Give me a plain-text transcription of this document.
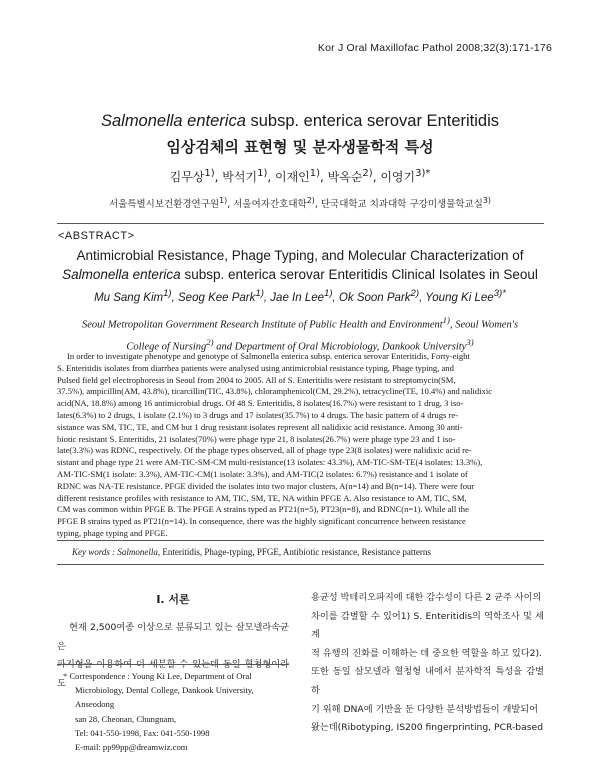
Kor J Oral Maxillofac Pathol 2008;32(3):171-176
Salmonella enterica subsp. enterica serovar Enteritidis
임상검체의 표현형 및 분자생물학적 특성
김무상$^{1)}$, 박석기$^{1)}$, 이재인$^{1)}$, 박옥순$^{2)}$, 이영기$^{3)*}$
서울특별시보건환경연구원$^{1)}$, 서울여자간호대학$^{2)}$, 단국대학교 치과대학 구강미생물학교실$^{3)}$
<ABSTRACT>
Antimicrobial Resistance, Phage Typing, and Molecular Characterization of
Salmonella enterica subsp. enterica serovar Enteritidis Clinical Isolates in Seoul
Mu Sang Kim$^{1)}$, Seog Kee Park$^{1)}$, Jae In Lee$^{1)}$, Ok Soon Park$^{2)}$, Young Ki Lee$^{3)*}$
Seoul Metropolitan Government Research Institute of Public Health and Environment$^{1)}$, Seoul Women's
College of Nursing$^{2)}$ and Department of Oral Microbiology, Dankook University$^{3)}$
In order to investigate phenotype and genotype of Salmonella enterica subsp. enterica serovar Enteritidis, Forty-eight
S. Enteritidis isolates from diarrhea patients were analysed using antimicrobial resistance typing, Phage typing, and
Pulsed field gel electrophoresis in Seoul from 2004 to 2005. All of S. Enteritidis were resistant to streptomycin(SM,
37.5%), ampicillin(AM, 43.8%), ticarcillin(TIC, 43.8%), chloramphenicol(CM, 29.2%), tetracycline(TE, 10.4%) and nalidixic
acid(NA, 18.8%) among 16 antimicrobial drugs. Of 48 S. Enteritidis, 8 isolates(16.7%) were resistant to 1 drug, 3 iso-
lates(6.3%) to 2 drugs, 1 isolate (2.1%) to 3 drugs and 17 isolates(35.7%) to 4 drugs. The basic pattern of 4 drugs re-
sistance was SM, TIC, TE, and CM but 1 drug resistant isolates represent all nalidixic acid resistance. Among 30 anti-
biotic resistant S. Enteritidis, 21 isolates(70%) were phage type 21, 8 isolates(26.7%) were phage type 23 and 1 iso-
late(3.3%) was RDNC, respectively. Of the phage types observed, all of phage type 23(8 isolates) were nalidixic acid re-
sistant and phage type 21 were AM-TIC-SM-CM multi-resistance(13 isolates: 43.3%), AM-TIC-SM-TE(4 isolates: 13.3%),
AM-TIC-SM(1 isolate: 3.3%), AM-TIC-CM(1 isolate: 3.3%), and AM-TIC(2 isolates: 6.7%) resistance and 1 isolate of
RDNC was NA-TE resistance. PFGE divided the isolates into two major clusters, A(n=14) and B(n=14). There were four
different resistance profiles with resistance to AM, TIC, SM, TE, NA within PFGE A. Also resistance to AM, TIC, SM,
CM was common within PFGE B. The PFGE A strains typed as PT21(n=5), PT23(n=8), and RDNC(n=1). While all the
PFGE B strains typed as PT21(n=14). In consequence, there was the highly significant concurrence between resistance
typing, phage typing and PFGE.
Key words : Salmonella, Enteritidis, Phage-typing, PFGE, Antibiotic resistance, Resistance patterns
Ⅰ. 서론
현재 2,500여종 이상으로 분류되고 있는 살모넬라속균은
파지형을 이용하여 더 세분할 수 있는데 동일 혈청형이라도
용균성 박테리오파지에 대한 감수성이 다른 2 균주 사이의
차이를 감별할 수 있어1) S. Enteritidis의 역학조사 및 세계
적 유행의 진화를 이해하는 데 중요한 역할을 하고 있다2).
또한 동일 살모넬라 혈청형 내에서 분자학적 특성을 감별하
기 위해 DNA에 기반을 둔 다양한 분석방법들이 개발되어
왔는데(Ribotyping, IS200 fingerprinting, PCR-based
* Correspondence : Young Ki Lee, Department of Oral
Microbiology, Dental College, Dankook University, Anseodong
san 28, Cheonan, Chungnam,
Tel: 041-550-1998, Fax: 041-550-1998
E-mail: pp99pp@dreamwiz.com
